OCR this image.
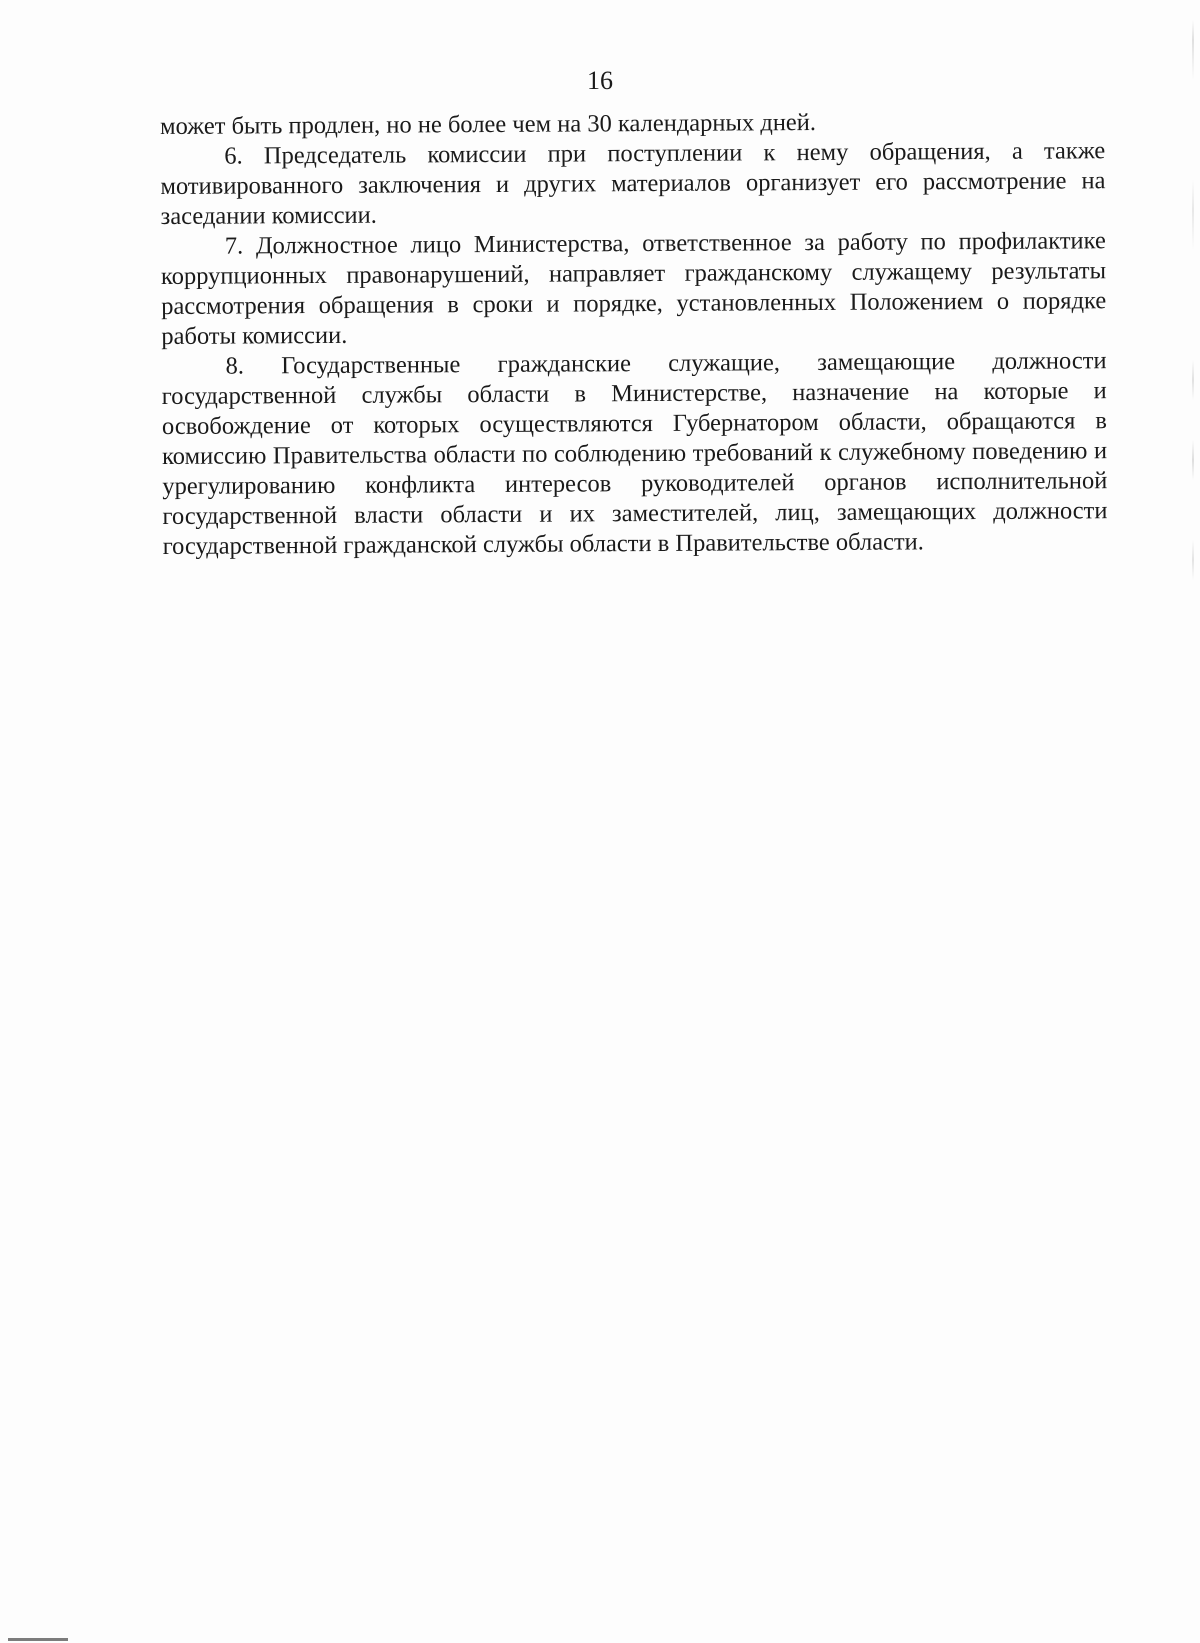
16

может быть продлен, но не более чем на 30 календарных дней.

6. Председатель комиссии при поступлении к нему обращения, а также мотивированного заключения и других материалов организует его рассмотрение на заседании комиссии.

7. Должностное лицо Министерства, ответственное за работу по профилактике коррупционных правонарушений, направляет гражданскому служащему результаты рассмотрения обращения в сроки и порядке, установленных Положением о порядке работы комиссии.

8. Государственные гражданские служащие, замещающие должности государственной службы области в Министерстве, назначение на которые и освобождение от которых осуществляются Губернатором области, обращаются в комиссию Правительства области по соблюдению требований к служебному поведению и урегулированию конфликта интересов руководителей органов исполнительной государственной власти области и их заместителей, лиц, замещающих должности государственной гражданской службы области в Правительстве области.
